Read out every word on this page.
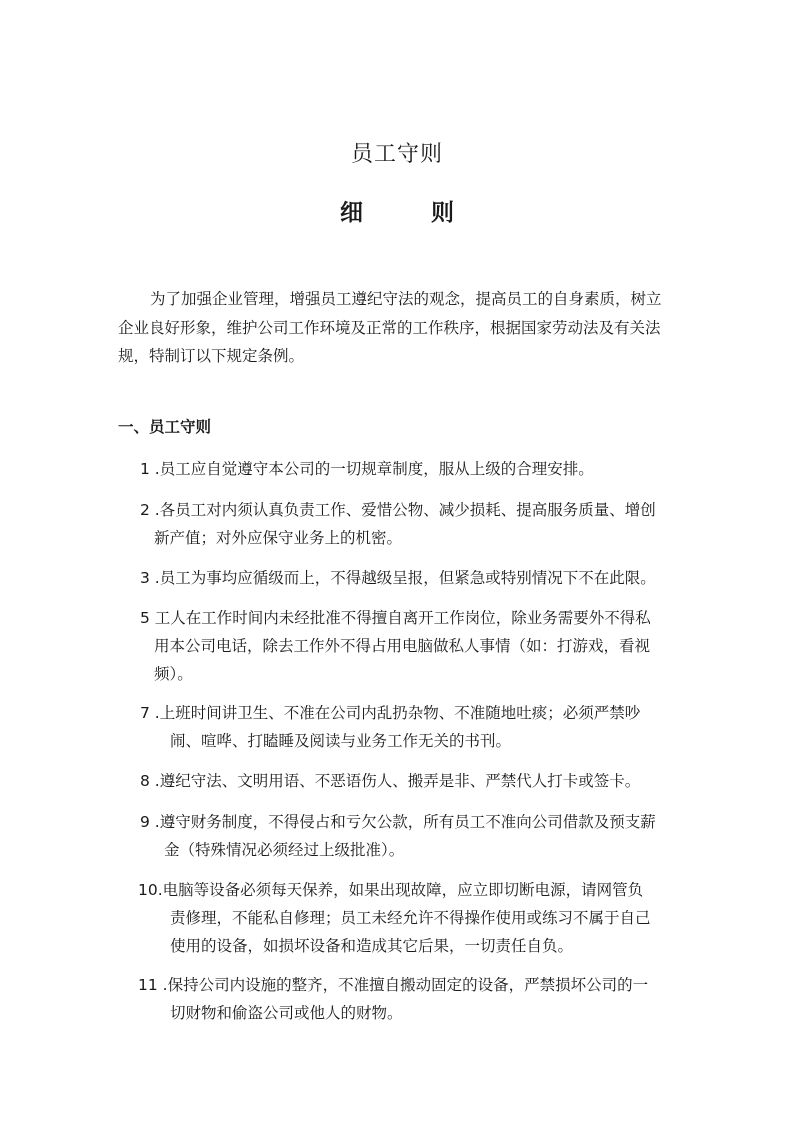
员工守则
细 则

为了加强企业管理，增强员工遵纪守法的观念，提高员工的自身素质，树立企业良好形象，维护公司工作环境及正常的工作秩序，根据国家劳动法及有关法规，特制订以下规定条例。

一、员工守则
1 .员工应自觉遵守本公司的一切规章制度，服从上级的合理安排。
2 .各员工对内须认真负责工作、爱惜公物、减少损耗、提高服务质量、增创
新产值；对外应保守业务上的机密。
3 .员工为事均应循级而上，不得越级呈报，但紧急或特别情况下不在此限。
5 工人在工作时间内未经批准不得擅自离开工作岗位，除业务需要外不得私
用本公司电话，除去工作外不得占用电脑做私人事情（如：打游戏，看视
频）。
7 .上班时间讲卫生、不准在公司内乱扔杂物、不准随地吐痰；必须严禁吵
闹、喧哗、打瞌睡及阅读与业务工作无关的书刊。
8 .遵纪守法、文明用语、不恶语伤人、搬弄是非、严禁代人打卡或签卡。
9 .遵守财务制度，不得侵占和亏欠公款，所有员工不准向公司借款及预支薪
金（特殊情况必须经过上级批准）。
10.电脑等设备必须每天保养，如果出现故障，应立即切断电源，请网管负
责修理，不能私自修理；员工未经允许不得操作使用或练习不属于自己
使用的设备，如损坏设备和造成其它后果，一切责任自负。
11 .保持公司内设施的整齐，不准擅自搬动固定的设备，严禁损坏公司的一
切财物和偷盗公司或他人的财物。
